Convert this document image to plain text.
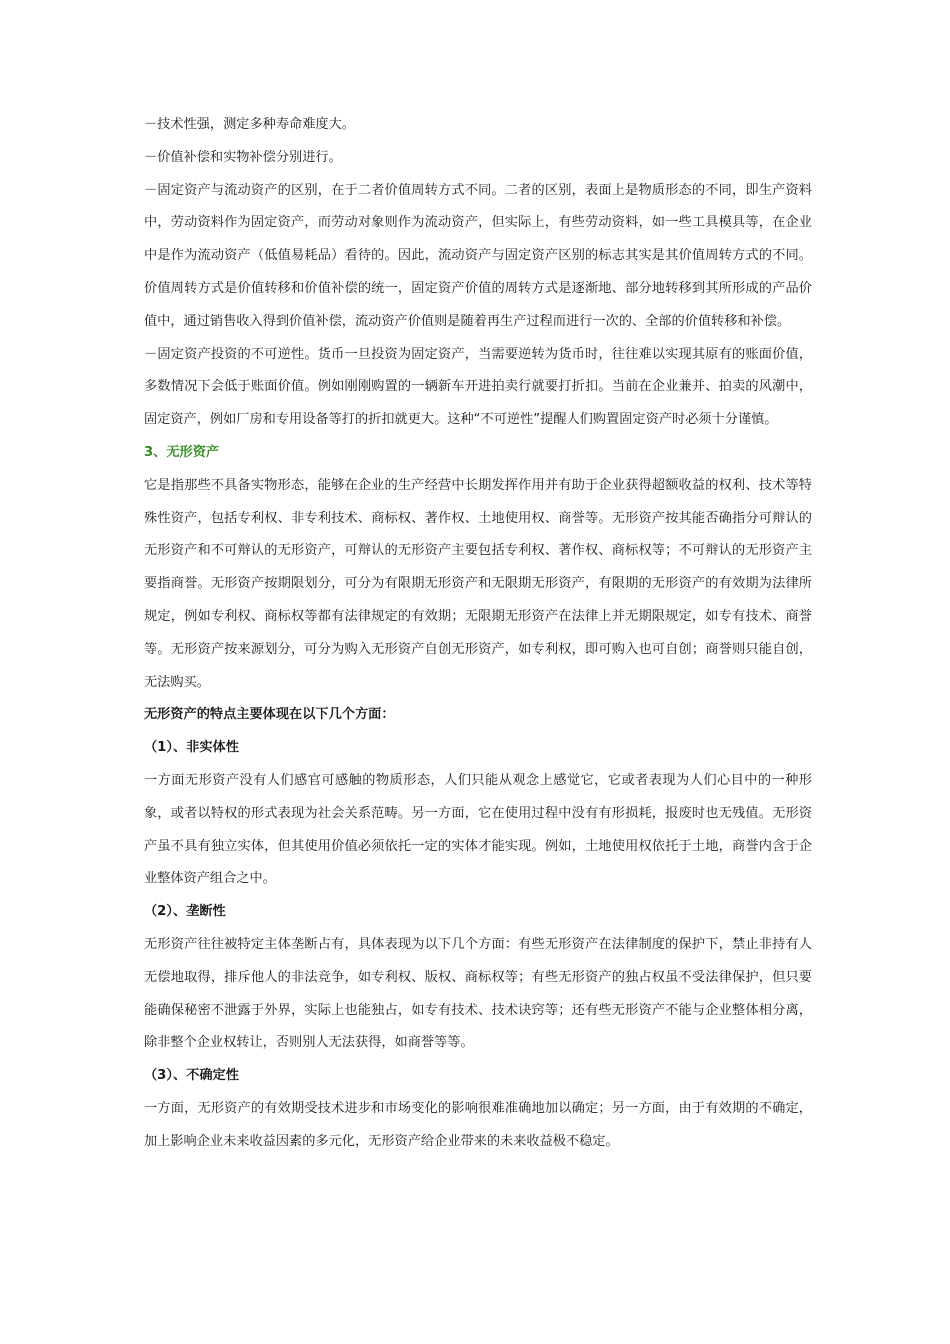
－技术性强，测定多种寿命难度大。

－价值补偿和实物补偿分别进行。

－固定资产与流动资产的区别，在于二者价值周转方式不同。二者的区别，表面上是物质形态的不同，即生产资料中，劳动资料作为固定资产，而劳动对象则作为流动资产，但实际上，有些劳动资料，如一些工具模具等，在企业中是作为流动资产（低值易耗品）看待的。因此，流动资产与固定资产区别的标志其实是其价值周转方式的不同。价值周转方式是价值转移和价值补偿的统一，固定资产价值的周转方式是逐渐地、部分地转移到其所形成的产品价值中，通过销售收入得到价值补偿，流动资产价值则是随着再生产过程而进行一次的、全部的价值转移和补偿。

－固定资产投资的不可逆性。货币一旦投资为固定资产，当需要逆转为货币时，往往难以实现其原有的账面价值，多数情况下会低于账面价值。例如刚刚购置的一辆新车开进拍卖行就要打折扣。当前在企业兼并、拍卖的风潮中，固定资产，例如厂房和专用设备等打的折扣就更大。这种“不可逆性”提醒人们购置固定资产时必须十分谨慎。

3、无形资产

它是指那些不具备实物形态，能够在企业的生产经营中长期发挥作用并有助于企业获得超额收益的权利、技术等特殊性资产，包括专利权、非专利技术、商标权、著作权、土地使用权、商誉等。无形资产按其能否确指分可辩认的无形资产和不可辩认的无形资产，可辩认的无形资产主要包括专利权、著作权、商标权等；不可辩认的无形资产主要指商誉。无形资产按期限划分，可分为有限期无形资产和无限期无形资产，有限期的无形资产的有效期为法律所规定，例如专利权、商标权等都有法律规定的有效期；无限期无形资产在法律上并无期限规定，如专有技术、商誉等。无形资产按来源划分，可分为购入无形资产自创无形资产，如专利权，即可购入也可自创；商誉则只能自创，无法购买。

无形资产的特点主要体现在以下几个方面：

（1）、非实体性

一方面无形资产没有人们感官可感触的物质形态，人们只能从观念上感觉它，它或者表现为人们心目中的一种形象，或者以特权的形式表现为社会关系范畴。另一方面，它在使用过程中没有有形损耗，报废时也无残值。无形资产虽不具有独立实体，但其使用价值必须依托一定的实体才能实现。例如，土地使用权依托于土地，商誉内含于企业整体资产组合之中。

（2）、垄断性

无形资产往往被特定主体垄断占有，具体表现为以下几个方面：有些无形资产在法律制度的保护下，禁止非持有人无偿地取得，排斥他人的非法竞争，如专利权、版权、商标权等；有些无形资产的独占权虽不受法律保护，但只要能确保秘密不泄露于外界，实际上也能独占，如专有技术、技术诀窍等；还有些无形资产不能与企业整体相分离，除非整个企业权转让，否则别人无法获得，如商誉等等。

（3）、不确定性

一方面，无形资产的有效期受技术进步和市场变化的影响很难准确地加以确定；另一方面，由于有效期的不确定，加上影响企业未来收益因素的多元化，无形资产给企业带来的未来收益极不稳定。
